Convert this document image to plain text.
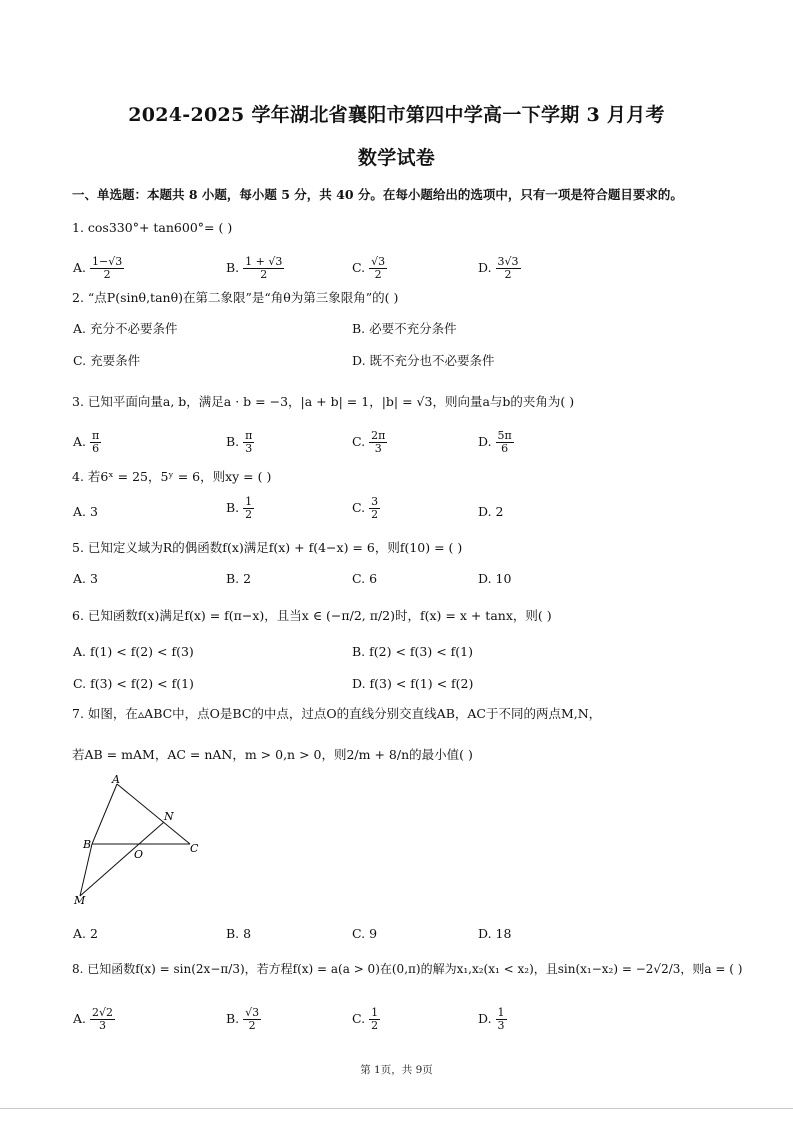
2024-2025 学年湖北省襄阳市第四中学高一下学期 3 月月考
数学试卷
一、单选题：本题共 8 小题，每小题 5 分，共 40 分。在每小题给出的选项中，只有一项是符合题目要求的。
1. cos330°+ tan600°= ( )
A. $\frac{1-√3}{2}$	B. $\frac{1 + √3}{2}$	C. $\frac{√3}{2}$	D. $\frac{3√3}{2}$
2. “点P(sinθ,tanθ)在第二象限”是“角θ为第三象限角”的( )
A. 充分不必要条件	B. 必要不充分条件
C. 充要条件	D. 既不充分也不必要条件
3. 已知平面向量a, b，满足a · b = −3，|a + b| = 1，|b| = √3，则向量a与b的夹角为( )
A. $\frac{\pi}{6}$	B. $\frac{\pi}{3}$	C. $\frac{2\pi}{3}$	D. $\frac{5\pi}{6}$
4. 若6ˣ = 25，5ʸ = 6，则xy = ( )
A. 3	B. $\frac{1}{2}$	C. $\frac{3}{2}$	D. 2
5. 已知定义域为R的偶函数f(x)满足f(x) + f(4−x) = 6，则f(10) = ( )
A. 3	B. 2	C. 6	D. 10
6. 已知函数f(x)满足f(x) = f(π−x)，且当x ∈ (−π/2, π/2)时，f(x) = x + tanx，则( )
A. f(1) < f(2) < f(3)	B. f(2) < f(3) < f(1)
C. f(3) < f(2) < f(1)	D. f(3) < f(1) < f(2)
7. 如图，在▵ABC中，点O是BC的中点，过点O的直线分别交直线AB，AC于不同的两点M,N，
若AB = mAM，AC = nAN，m > 0,n > 0，则2/m + 8/n的最小值( )
A
N
B
O	C
M
A. 2	B. 8	C. 9	D. 18
8. 已知函数f(x) = sin(2x−π/3)，若方程f(x) = a(a > 0)在(0,π)的解为x₁,x₂(x₁ < x₂)，且sin(x₁−x₂) = −2√2/3，则a = ( )
A. $\frac{2√2}{3}$	B. $\frac{√3}{2}$	C. $\frac{1}{2}$	D. $\frac{1}{3}$
第 1页，共 9页
